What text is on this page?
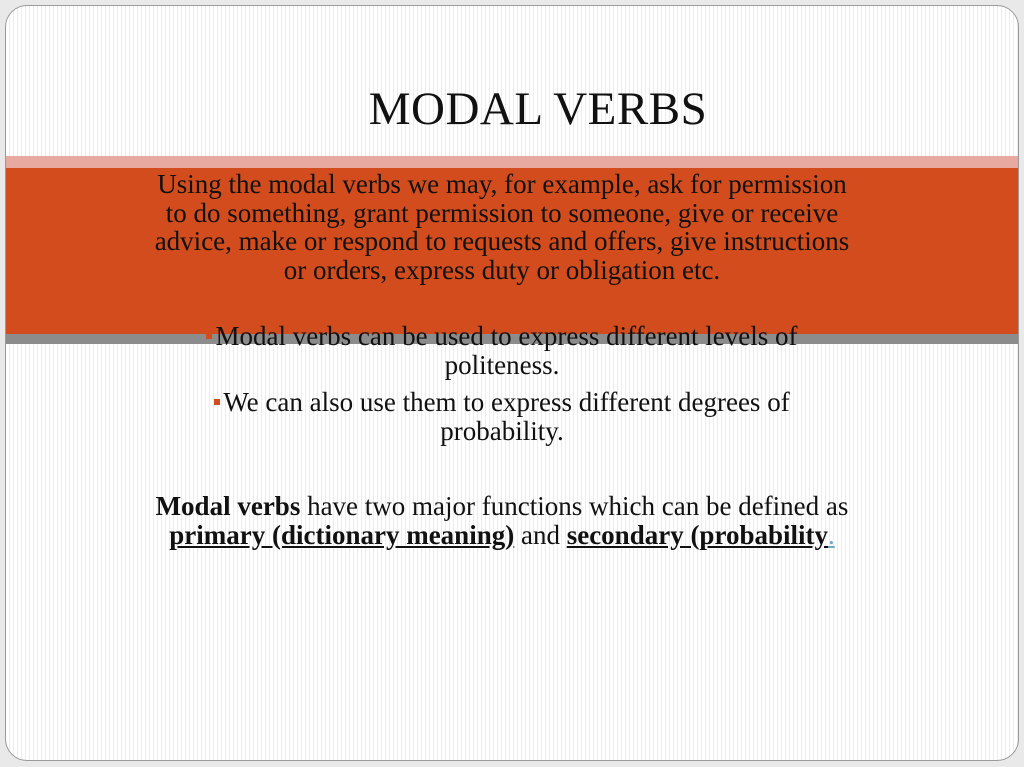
MODAL VERBS
Using the modal verbs we may, for example, ask for permission to do something, grant permission to someone, give or receive advice, make or respond to requests and offers, give instructions or orders, express duty or obligation etc.
Modal verbs can be used to express different levels of politeness.
We can also use them to express different degrees of probability.
Modal verbs have two major functions which can be defined as primary (dictionary meaning) and secondary (probability.
